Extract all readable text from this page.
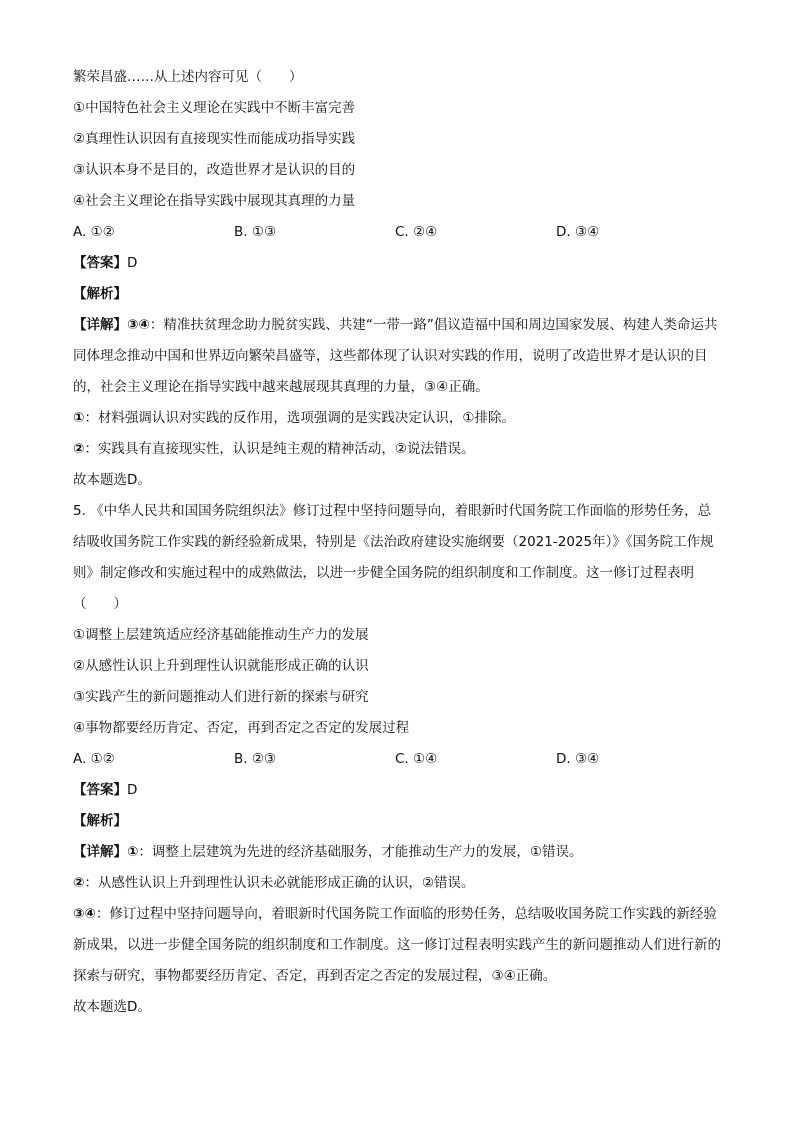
繁荣昌盛……从上述内容可见（　　）
①中国特色社会主义理论在实践中不断丰富完善
②真理性认识因有直接现实性而能成功指导实践
③认识本身不是目的，改造世界才是认识的目的
④社会主义理论在指导实践中展现其真理的力量
A. ①②	B. ①③	C. ②④	D. ③④
【答案】D
【解析】
【详解】③④：精准扶贫理念助力脱贫实践、共建“一带一路”倡议造福中国和周边国家发展、构建人类命运共同体理念推动中国和世界迈向繁荣昌盛等，这些都体现了认识对实践的作用，说明了改造世界才是认识的目的，社会主义理论在指导实践中越来越展现其真理的力量，③④正确。
①：材料强调认识对实践的反作用，选项强调的是实践决定认识，①排除。
②：实践具有直接现实性，认识是纯主观的精神活动，②说法错误。
故本题选D。
5. 《中华人民共和国国务院组织法》修订过程中坚持问题导向，着眼新时代国务院工作面临的形势任务，总结吸收国务院工作实践的新经验新成果，特别是《法治政府建设实施纲要（2021-2025年）》《国务院工作规则》制定修改和实施过程中的成熟做法，以进一步健全国务院的组织制度和工作制度。这一修订过程表明（　　）
①调整上层建筑适应经济基础能推动生产力的发展
②从感性认识上升到理性认识就能形成正确的认识
③实践产生的新问题推动人们进行新的探索与研究
④事物都要经历肯定、否定，再到否定之否定的发展过程
A. ①②	B. ②③	C. ①④	D. ③④
【答案】D
【解析】
【详解】①：调整上层建筑为先进的经济基础服务，才能推动生产力的发展，①错误。
②：从感性认识上升到理性认识未必就能形成正确的认识，②错误。
③④：修订过程中坚持问题导向，着眼新时代国务院工作面临的形势任务，总结吸收国务院工作实践的新经验新成果，以进一步健全国务院的组织制度和工作制度。这一修订过程表明实践产生的新问题推动人们进行新的探索与研究，事物都要经历肯定、否定，再到否定之否定的发展过程，③④正确。
故本题选D。
